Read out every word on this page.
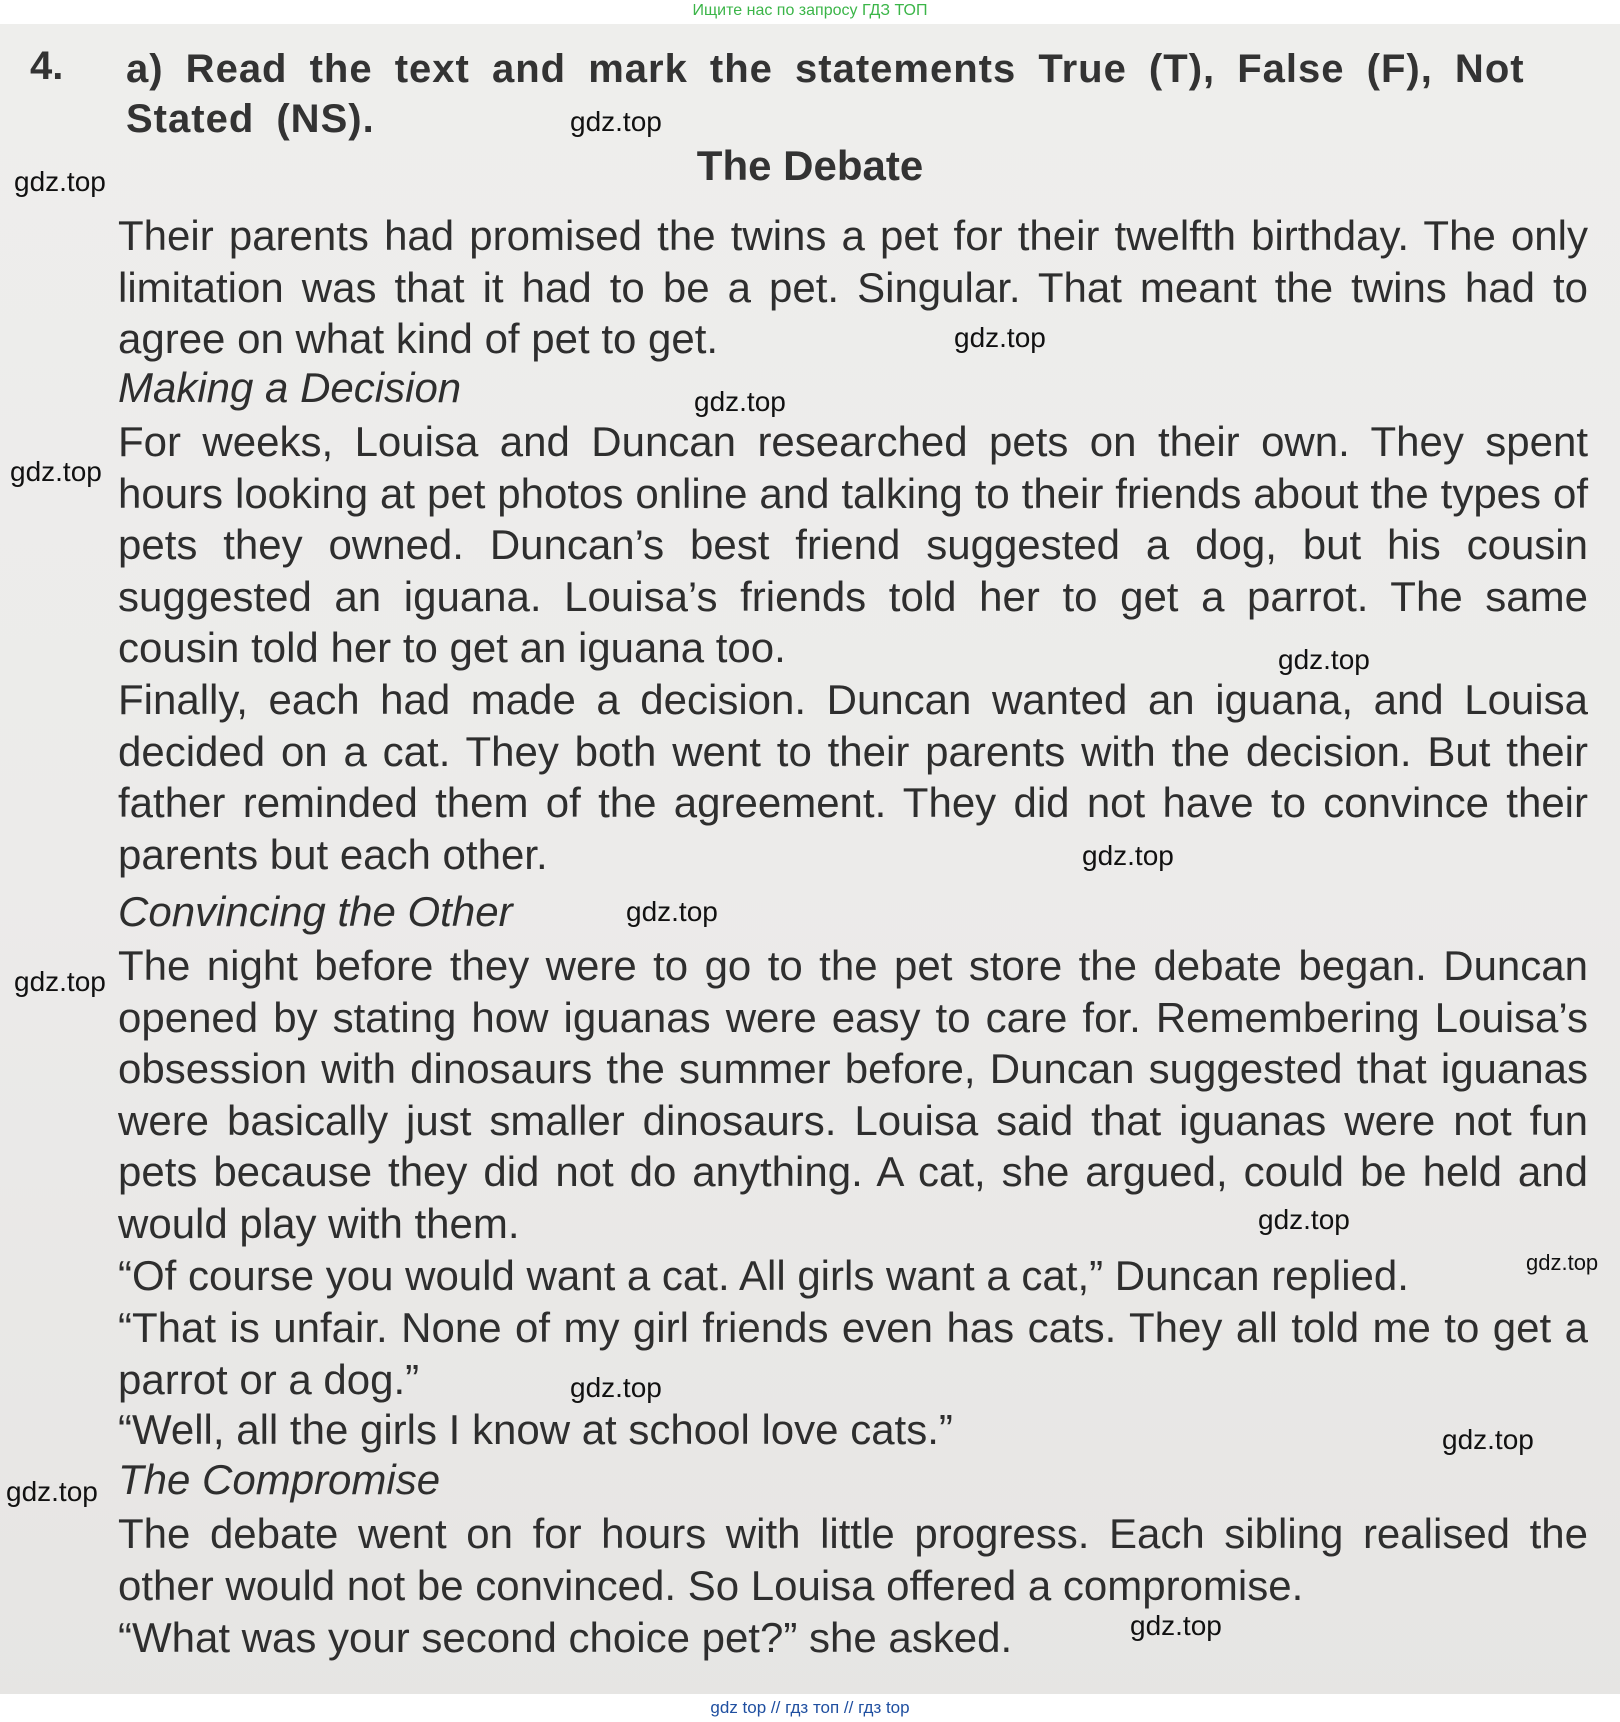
Ищите нас по запросу ГДЗ ТОП
4. a) Read the text and mark the statements True (T), False (F), Not Stated (NS).
The Debate
Their parents had promised the twins a pet for their twelfth birthday. The only limitation was that it had to be a pet. Singular. That meant the twins had to agree on what kind of pet to get.
Making a Decision
For weeks, Louisa and Duncan researched pets on their own. They spent hours looking at pet photos online and talking to their friends about the types of pets they owned. Duncan’s best friend suggested a dog, but his cousin suggested an iguana. Louisa’s friends told her to get a parrot. The same cousin told her to get an iguana too.
Finally, each had made a decision. Duncan wanted an iguana, and Louisa decided on a cat. They both went to their parents with the decision. But their father reminded them of the agreement. They did not have to convince their parents but each other.
Convincing the Other
The night before they were to go to the pet store the debate began. Duncan opened by stating how iguanas were easy to care for. Remembering Louisa’s obsession with dinosaurs the summer before, Duncan suggested that iguanas were basically just smaller dinosaurs. Louisa said that iguanas were not fun pets because they did not do anything. A cat, she argued, could be held and would play with them.
“Of course you would want a cat. All girls want a cat,” Duncan replied.
“That is unfair. None of my girl friends even has cats. They all told me to get a parrot or a dog.”
“Well, all the girls I know at school love cats.”
The Compromise
The debate went on for hours with little progress. Each sibling realised the other would not be convinced. So Louisa offered a compromise.
“What was your second choice pet?” she asked.
gdz.top
gdz.top
gdz.top
gdz.top
gdz.top
gdz.top
gdz.top
gdz.top
gdz.top
gdz.top
gdz.top
gdz.top
gdz.top
gdz.top
gdz.top
gdz top // гдз топ // гдз top
